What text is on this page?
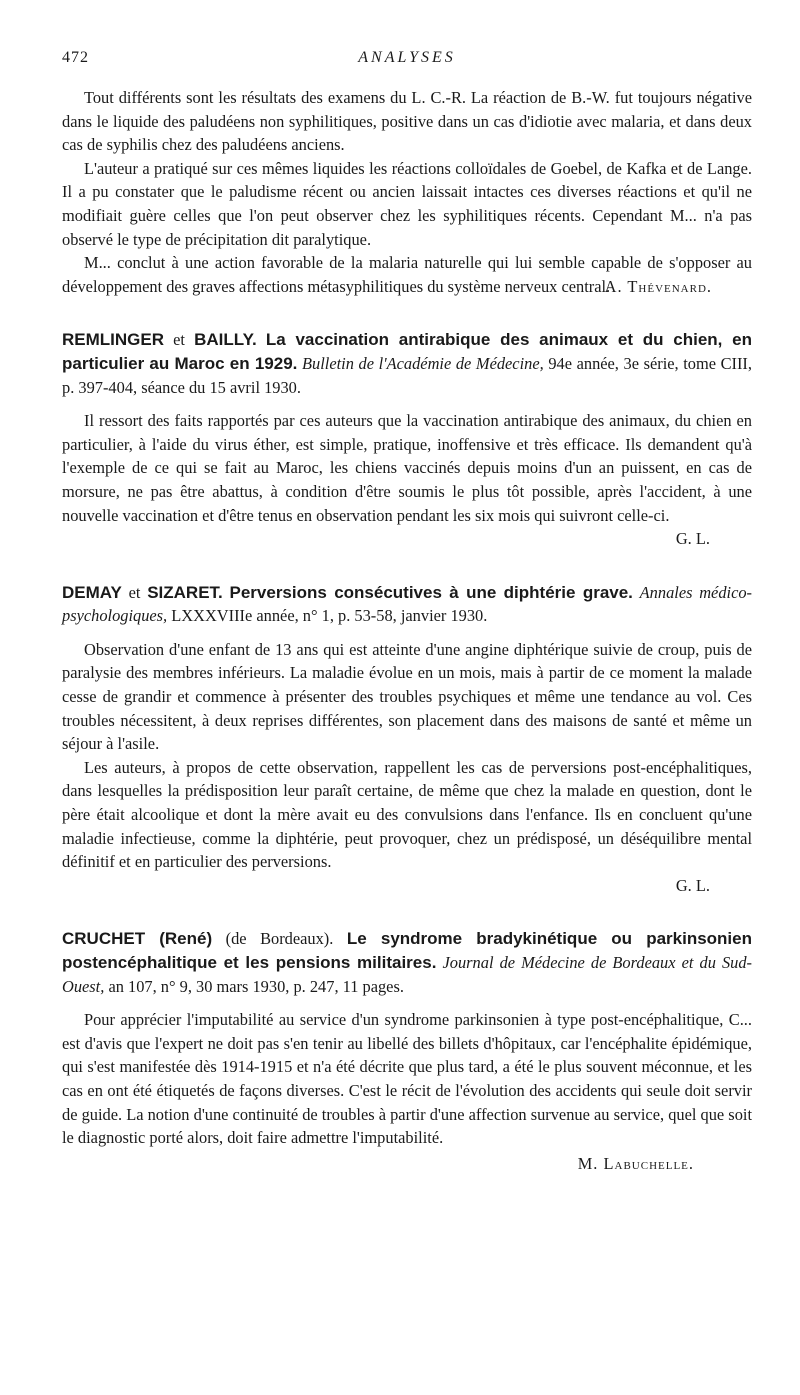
472	ANALYSES

Tout différents sont les résultats des examens du L. C.-R. La réaction de B.-W. fut toujours négative dans le liquide des paludéens non syphilitiques, positive dans un cas d'idiotie avec malaria, et dans deux cas de syphilis chez des paludéens anciens.

L'auteur a pratiqué sur ces mêmes liquides les réactions colloïdales de Goebel, de Kafka et de Lange. Il a pu constater que le paludisme récent ou ancien laissait intactes ces diverses réactions et qu'il ne modifiait guère celles que l'on peut observer chez les syphilitiques récents. Cependant M... n'a pas observé le type de précipitation dit paralytique.

M... conclut à une action favorable de la malaria naturelle qui lui semble capable de s'opposer au développement des graves affections métasyphilitiques du système nerveux central.

A. Thévenard.

REMLINGER et BAILLY. La vaccination antirabique des animaux et du chien, en particulier au Maroc en 1929. Bulletin de l'Académie de Médecine, 94e année, 3e série, tome CIII, p. 397-404, séance du 15 avril 1930.

Il ressort des faits rapportés par ces auteurs que la vaccination antirabique des animaux, du chien en particulier, à l'aide du virus éther, est simple, pratique, inoffensive et très efficace. Ils demandent qu'à l'exemple de ce qui se fait au Maroc, les chiens vaccinés depuis moins d'un an puissent, en cas de morsure, ne pas être abattus, à condition d'être soumis le plus tôt possible, après l'accident, à une nouvelle vaccination et d'être tenus en observation pendant les six mois qui suivront celle-ci.

G. L.

DEMAY et SIZARET. Perversions consécutives à une diphtérie grave. Annales médico-psychologiques, LXXXVIIIe année, n° 1, p. 53-58, janvier 1930.

Observation d'une enfant de 13 ans qui est atteinte d'une angine diphtérique suivie de croup, puis de paralysie des membres inférieurs. La maladie évolue en un mois, mais à partir de ce moment la malade cesse de grandir et commence à présenter des troubles psychiques et même une tendance au vol. Ces troubles nécessitent, à deux reprises différentes, son placement dans des maisons de santé et même un séjour à l'asile.

Les auteurs, à propos de cette observation, rappellent les cas de perversions post-encéphalitiques, dans lesquelles la prédisposition leur paraît certaine, de même que chez la malade en question, dont le père était alcoolique et dont la mère avait eu des convulsions dans l'enfance. Ils en concluent qu'une maladie infectieuse, comme la diphtérie, peut provoquer, chez un prédisposé, un déséquilibre mental définitif et en particulier des perversions.

G. L.

CRUCHET (René) (de Bordeaux). Le syndrome bradykinétique ou parkinsonien postencéphalitique et les pensions militaires. Journal de Médecine de Bordeaux et du Sud-Ouest, an 107, n° 9, 30 mars 1930, p. 247, 11 pages.

Pour apprécier l'imputabilité au service d'un syndrome parkinsonien à type post-encéphalitique, C... est d'avis que l'expert ne doit pas s'en tenir au libellé des billets d'hôpitaux, car l'encéphalite épidémique, qui s'est manifestée dès 1914-1915 et n'a été décrite que plus tard, a été le plus souvent méconnue, et les cas en ont été étiquetés de façons diverses. C'est le récit de l'évolution des accidents qui seule doit servir de guide. La notion d'une continuité de troubles à partir d'une affection survenue au service, quel que soit le diagnostic porté alors, doit faire admettre l'imputabilité.

M. Labuchelle.
